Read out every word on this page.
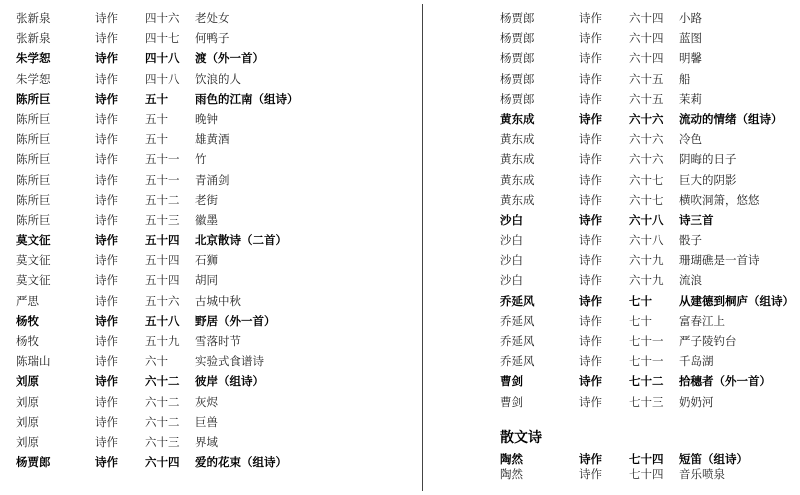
张新泉	诗作	四十六	老处女
张新泉	诗作	四十七	何鸭子
朱学恕	诗作	四十八	渡（外一首）
朱学恕	诗作	四十八	饮浪的人
陈所巨	诗作	五十	雨色的江南（组诗）
陈所巨	诗作	五十	晚钟
陈所巨	诗作	五十	雄黄酒
陈所巨	诗作	五十一	竹
陈所巨	诗作	五十一	青涌剑
陈所巨	诗作	五十二	老街
陈所巨	诗作	五十三	徽墨
莫文征	诗作	五十四	北京散诗（二首）
莫文征	诗作	五十四	石狮
莫文征	诗作	五十四	胡同
严思	诗作	五十六	古城中秋
杨牧	诗作	五十八	野居（外一首）
杨牧	诗作	五十九	雪落时节
陈瑞山	诗作	六十	实验式食谱诗
刘原	诗作	六十二	彼岸（组诗）
刘原	诗作	六十二	灰烬
刘原	诗作	六十二	巨兽
刘原	诗作	六十三	界域
杨贾郎	诗作	六十四	爱的花束（组诗）
杨贾郎	诗作	六十四	小路
杨贾郎	诗作	六十四	蓝图
杨贾郎	诗作	六十四	明馨
杨贾郎	诗作	六十五	船
杨贾郎	诗作	六十五	茉莉
黄东成	诗作	六十六	流动的情绪（组诗）
黄东成	诗作	六十六	冷色
黄东成	诗作	六十六	阴晦的日子
黄东成	诗作	六十七	巨大的阴影
黄东成	诗作	六十七	横吹洞箫，悠悠
沙白	诗作	六十八	诗三首
沙白	诗作	六十八	骰子
沙白	诗作	六十九	珊瑚礁是一首诗
沙白	诗作	六十九	流浪
乔延风	诗作	七十	从建德到桐庐（组诗）
乔延风	诗作	七十	富春江上
乔延风	诗作	七十一	严子陵钓台
乔延风	诗作	七十一	千岛湖
曹剑	诗作	七十二	拾穗者（外一首）
曹剑	诗作	七十三	奶奶河
散文诗
陶然	诗作	七十四	短笛（组诗）
陶然	诗作	七十四	音乐喷泉
